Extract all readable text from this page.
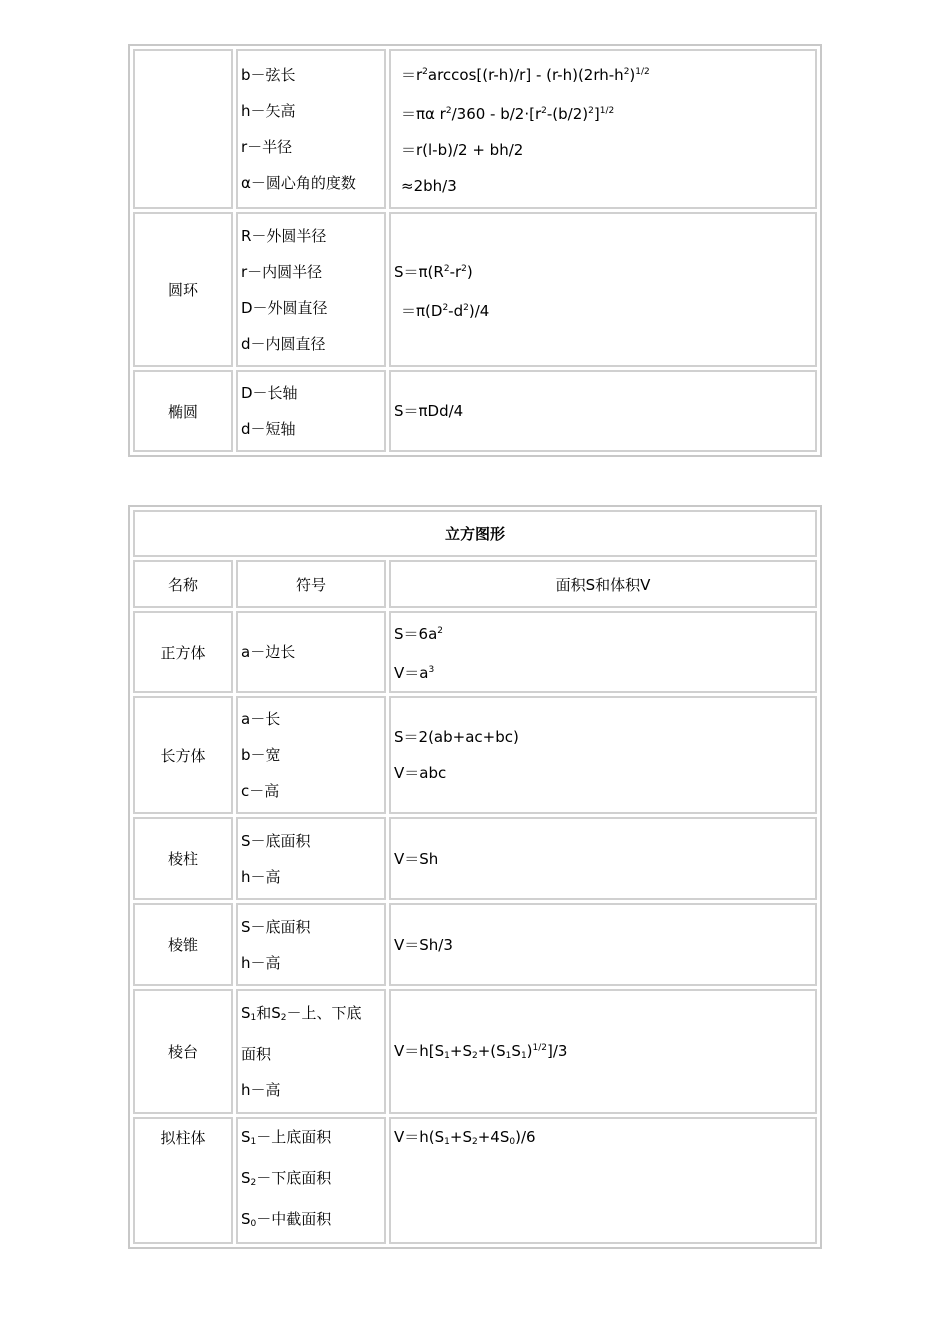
	b－弦长
h－矢高
r－半径
α－圆心角的度数	$=r^2\arccos[(r-h)/r] - (r-h)(2rh-h^2)^{1/2}$
＝πα $r^2/360 - b/2\cdot[r^2-(b/2)^2]^{1/2}$
＝r(l-b)/2 + bh/2
≈2bh/3

圆环	R－外圆半径
r－内圆半径
D－外圆直径
d－内圆直径	$S=\pi(R^2-r^2)$
$=\pi(D^2-d^2)/4$

椭圆	D－长轴
d－短轴	S＝πDd/4
立方图形		
名称	符号	面积S和体积V
正方体	a－边长	$S=6a^2$
$V=a^3$

长方体	a－长
b－宽
c－高	S＝2(ab+ac+bc)
V＝abc

棱柱	S－底面积
h－高	V＝Sh

棱锥	S－底面积
h－高	V＝Sh/3

棱台	$S_1$和$S_2-$上、下底
面积
h－高	$V=h[S_1+S_2+(S_1S_1)^{1/2}]/3$

拟柱体	$S_1-$上底面积
$S_2-$下底面积
$S_0-$中截面积	$V=h(S_1+S_2+4S_0)/6$
